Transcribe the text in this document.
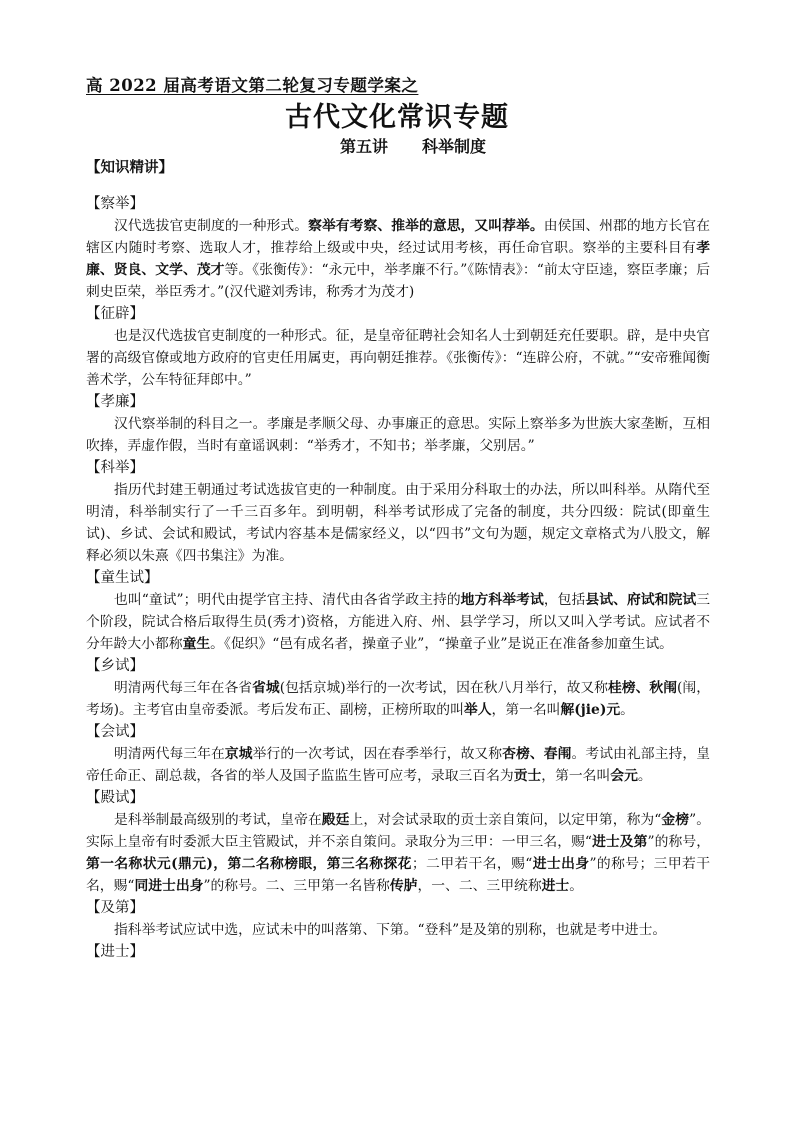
高 2022 届高考语文第二轮复习专题学案之
古代文化常识专题
第五讲 科举制度
【知识精讲】
【察举】

汉代选拔官吏制度的一种形式。察举有考察、推举的意思，又叫荐举。由侯国、州郡的地方长官在辖区内随时考察、选取人才，推荐给上级或中央，经过试用考核，再任命官职。察举的主要科目有孝廉、贤良、文学、茂才等。《张衡传》：“永元中，举孝廉不行。”《陈情表》：“前太守臣逵，察臣孝廉；后刺史臣荣，举臣秀才。”(汉代避刘秀讳，称秀才为茂才)

【征辟】

也是汉代选拔官吏制度的一种形式。征，是皇帝征聘社会知名人士到朝廷充任要职。辟，是中央官署的高级官僚或地方政府的官吏任用属吏，再向朝廷推荐。《张衡传》：“连辟公府，不就。”“安帝雅闻衡善术学，公车特征拜郎中。”

【孝廉】

汉代察举制的科目之一。孝廉是孝顺父母、办事廉正的意思。实际上察举多为世族大家垄断，互相吹捧，弄虚作假，当时有童谣讽刺：“举秀才，不知书；举孝廉，父别居。”

【科举】

指历代封建王朝通过考试选拔官吏的一种制度。由于采用分科取士的办法，所以叫科举。从隋代至明清，科举制实行了一千三百多年。到明朝，科举考试形成了完备的制度，共分四级：院试(即童生试)、乡试、会试和殿试，考试内容基本是儒家经义，以“四书”文句为题，规定文章格式为八股文，解释必须以朱熹《四书集注》为准。

【童生试】

也叫“童试”；明代由提学官主持、清代由各省学政主持的地方科举考试，包括县试、府试和院试三个阶段，院试合格后取得生员(秀才)资格，方能进入府、州、县学学习，所以又叫入学考试。应试者不分年龄大小都称童生。《促织》“邑有成名者，操童子业”，“操童子业”是说正在准备参加童生试。

【乡试】

明清两代每三年在各省省城(包括京城)举行的一次考试，因在秋八月举行，故又称桂榜、秋闱(闱，考场)。主考官由皇帝委派。考后发布正、副榜，正榜所取的叫举人，第一名叫解(jie)元。

【会试】

明清两代每三年在京城举行的一次考试，因在春季举行，故又称杏榜、春闱。考试由礼部主持，皇帝任命正、副总裁，各省的举人及国子监监生皆可应考，录取三百名为贡士，第一名叫会元。

【殿试】

是科举制最高级别的考试，皇帝在殿廷上，对会试录取的贡士亲自策问，以定甲第，称为“金榜”。实际上皇帝有时委派大臣主管殿试，并不亲自策问。录取分为三甲：一甲三名，赐“进士及第”的称号，第一名称状元(鼎元)，第二名称榜眼，第三名称探花；二甲若干名，赐“进士出身”的称号；三甲若干名，赐“同进士出身”的称号。二、三甲第一名皆称传胪，一、二、三甲统称进士。

【及第】

指科举考试应试中选，应试未中的叫落第、下第。“登科”是及第的别称，也就是考中进士。

【进士】
